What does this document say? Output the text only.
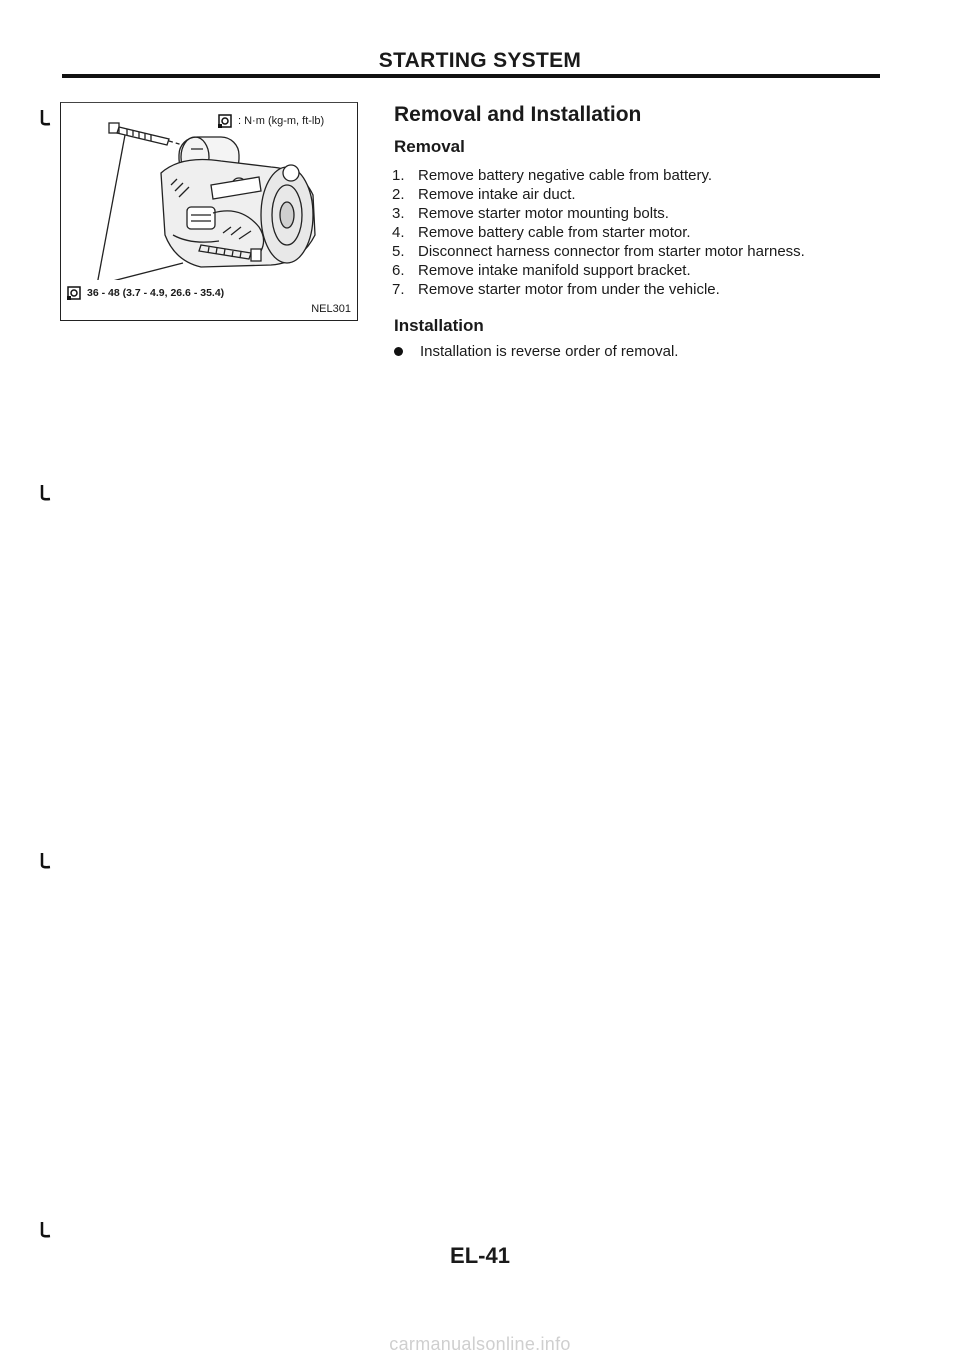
STARTING SYSTEM
: N·m (kg-m, ft-lb)
36 - 48 (3.7 - 4.9, 26.6 - 35.4)
NEL301
Removal and Installation
Removal
1. Remove battery negative cable from battery.
2. Remove intake air duct.
3. Remove starter motor mounting bolts.
4. Remove battery cable from starter motor.
5. Disconnect harness connector from starter motor harness.
6. Remove intake manifold support bracket.
7. Remove starter motor from under the vehicle.
Installation
Installation is reverse order of removal.
EL-41
carmanualsonline.info
